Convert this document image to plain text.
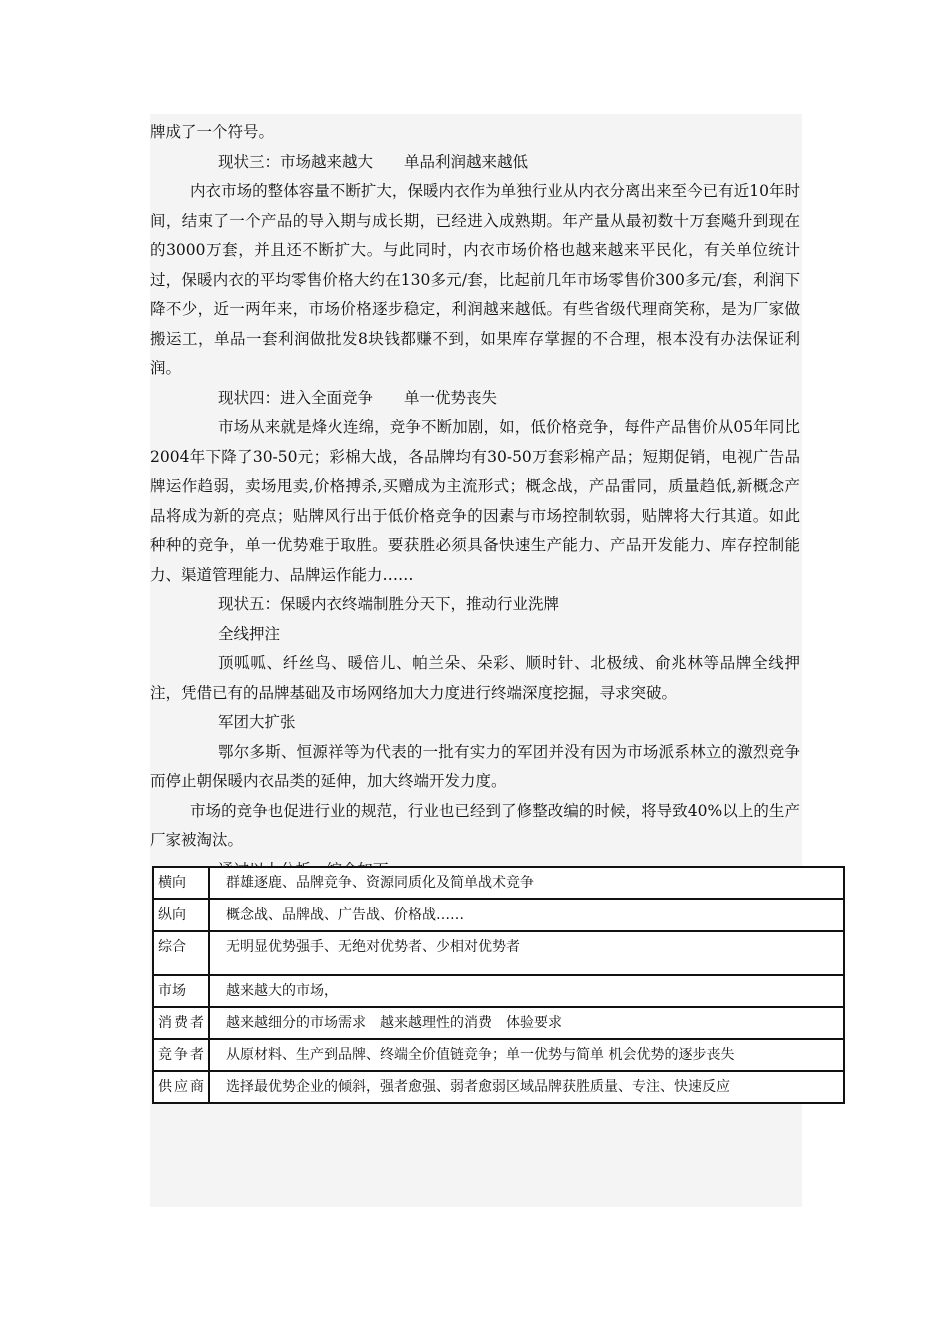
牌成了一个符号。

现状三：市场越来越大　　单品利润越来越低

内衣市场的整体容量不断扩大，保暖内衣作为单独行业从内衣分离出来至今已有近10年时间，结束了一个产品的导入期与成长期，已经进入成熟期。年产量从最初数十万套飚升到现在的3000万套，并且还不断扩大。与此同时，内衣市场价格也越来越来平民化，有关单位统计过，保暖内衣的平均零售价格大约在130多元/套，比起前几年市场零售价300多元/套，利润下降不少，近一两年来，市场价格逐步稳定，利润越来越低。有些省级代理商笑称，是为厂家做搬运工，单品一套利润做批发8块钱都赚不到，如果库存掌握的不合理，根本没有办法保证利润。

现状四：进入全面竞争　　单一优势丧失

市场从来就是烽火连绵，竞争不断加剧，如，低价格竞争，每件产品售价从05年同比2004年下降了30-50元；彩棉大战，各品牌均有30-50万套彩棉产品；短期促销，电视广告品牌运作趋弱，卖场甩卖,价格搏杀,买赠成为主流形式；概念战，产品雷同，质量趋低,新概念产品将成为新的亮点；贴牌风行出于低价格竞争的因素与市场控制软弱，贴牌将大行其道。如此种种的竞争，单一优势难于取胜。要获胜必须具备快速生产能力、产品开发能力、库存控制能力、渠道管理能力、品牌运作能力……

现状五：保暖内衣终端制胜分天下，推动行业洗牌

全线押注

顶呱呱、纤丝鸟、暖倍儿、帕兰朵、朵彩、顺时针、北极绒、俞兆林等品牌全线押注，凭借已有的品牌基础及市场网络加大力度进行终端深度挖掘，寻求突破。

军团大扩张

鄂尔多斯、恒源祥等为代表的一批有实力的军团并没有因为市场派系林立的激烈竞争而停止朝保暖内衣品类的延伸，加大终端开发力度。

市场的竞争也促进行业的规范，行业也已经到了修整改编的时候，将导致40%以上的生产厂家被淘汰。

横向	群雄逐鹿、品牌竞争、资源同质化及简单战术竞争
纵向	概念战、品牌战、广告战、价格战……
综合	无明显优势强手、无绝对优势者、少相对优势者
市场	越来越大的市场，
消费者	越来越细分的市场需求　越来越理性的消费　体验要求
竞争者	从原材料、生产到品牌、终端全价值链竞争；单一优势与简单 机会优势的逐步丧失
供应商	选择最优势企业的倾斜，强者愈强、弱者愈弱区域品牌获胜质量、专注、快速反应
